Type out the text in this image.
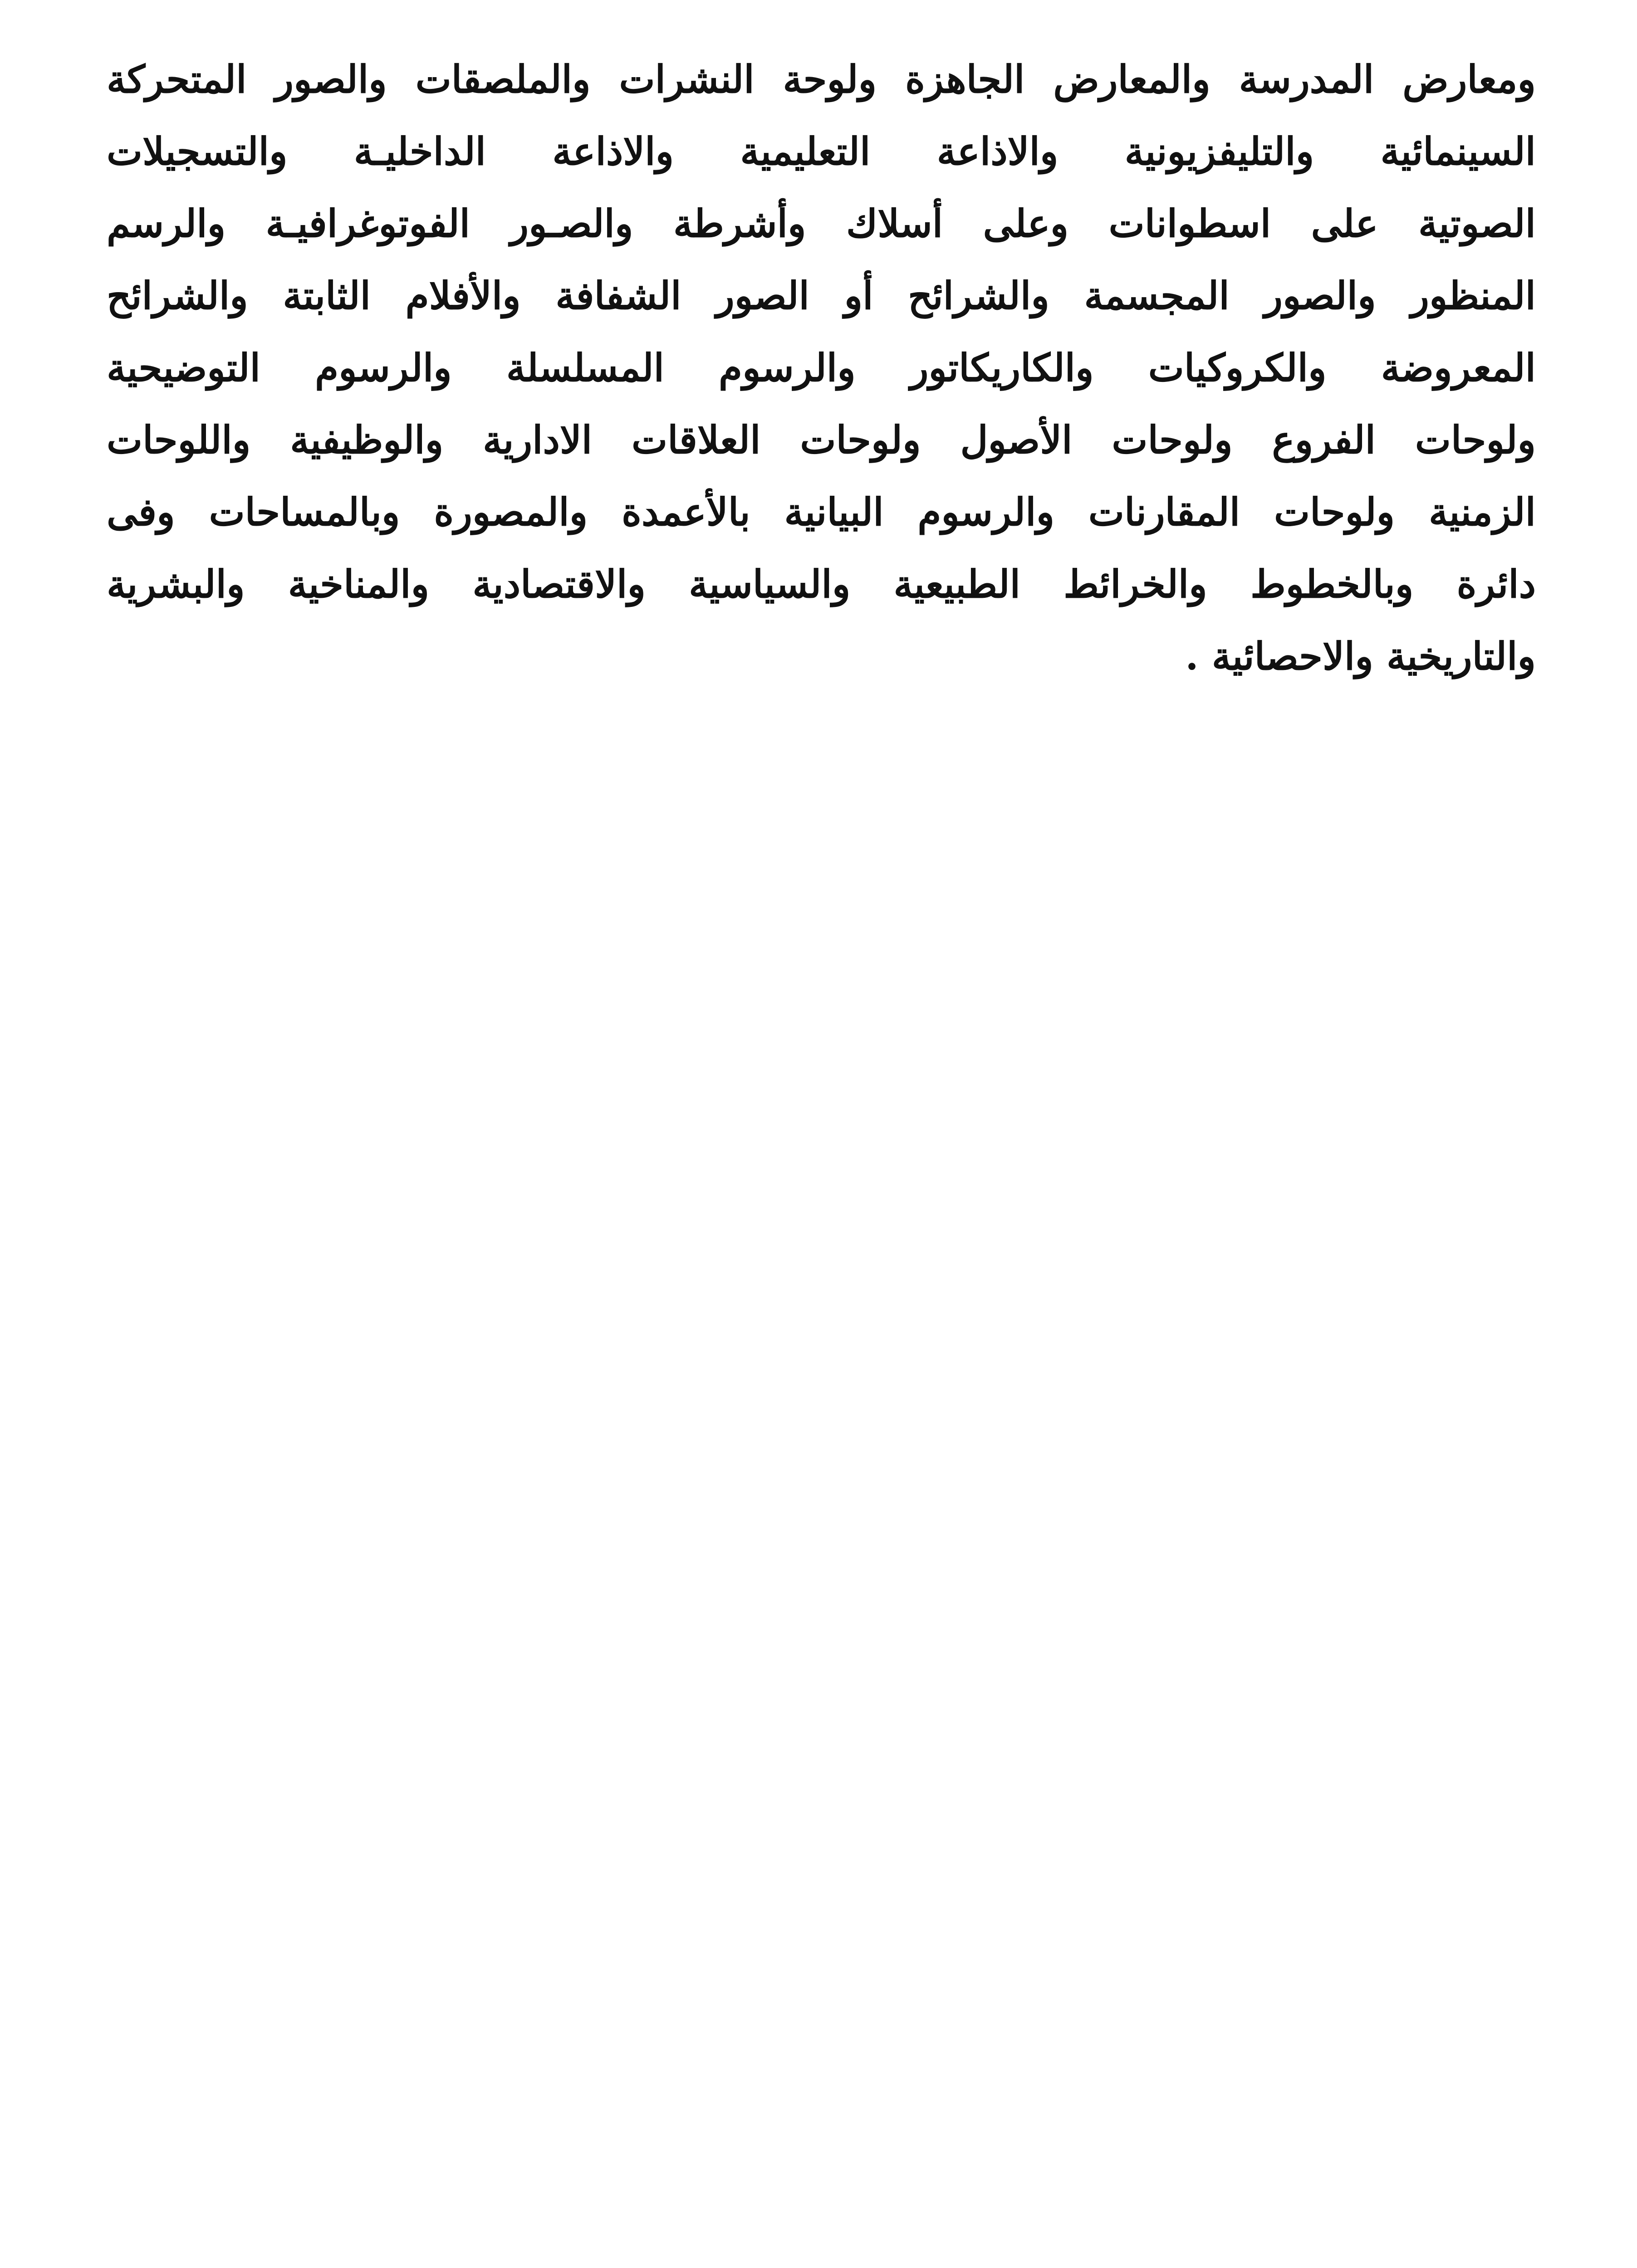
ومعارض المدرسة والمعارض الجاهزة ولوحة النشرات والملصقات والصور المتحركة
السينمائية والتليفزيونية والاذاعة التعليمية والاذاعة الداخليـة والتسجيلات
الصوتية على اسطوانات وعلى أسلاك وأشرطة والصـور الفوتوغرافيـة والرسم
المنظور والصور المجسمة والشرائح أو الصور الشفافة والأفلام الثابتة والشرائح
المعروضة والكروكيات والكاريكاتور والرسوم المسلسلة والرسوم التوضيحية
ولوحات الفروع ولوحات الأصول ولوحات العلاقات الادارية والوظيفية واللوحات
الزمنية ولوحات المقارنات والرسوم البيانية بالأعمدة والمصورة وبالمساحات وفى
دائرة وبالخطوط والخرائط الطبيعية والسياسية والاقتصادية والمناخية والبشرية
والتاريخية والاحصائية .
